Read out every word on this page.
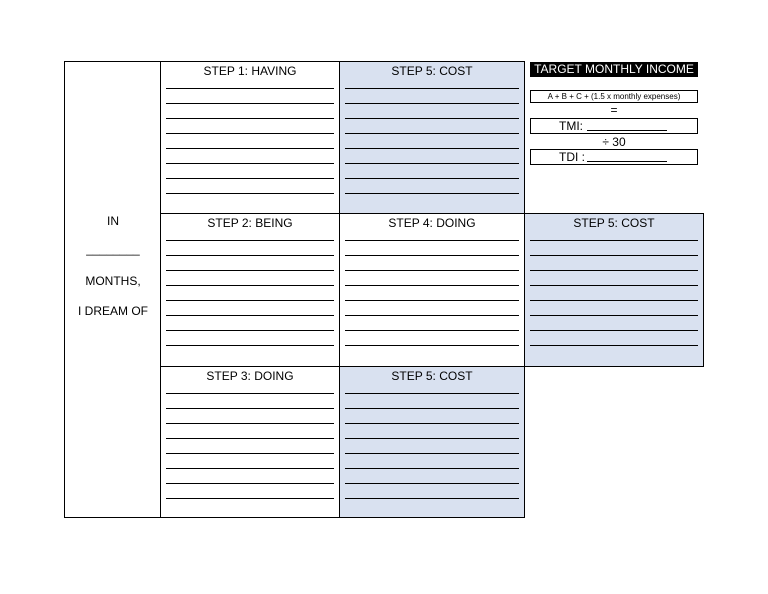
IN
________
MONTHS,
I DREAM OF
STEP 1: HAVING	STEP 5: COST
STEP 2: BEING	STEP 4: DOING	STEP 5: COST
STEP 3: DOING	STEP 5: COST
TARGET MONTHLY INCOME
A + B + C + (1.5 x monthly expenses)
=
TMI:
÷ 30
TDI :
